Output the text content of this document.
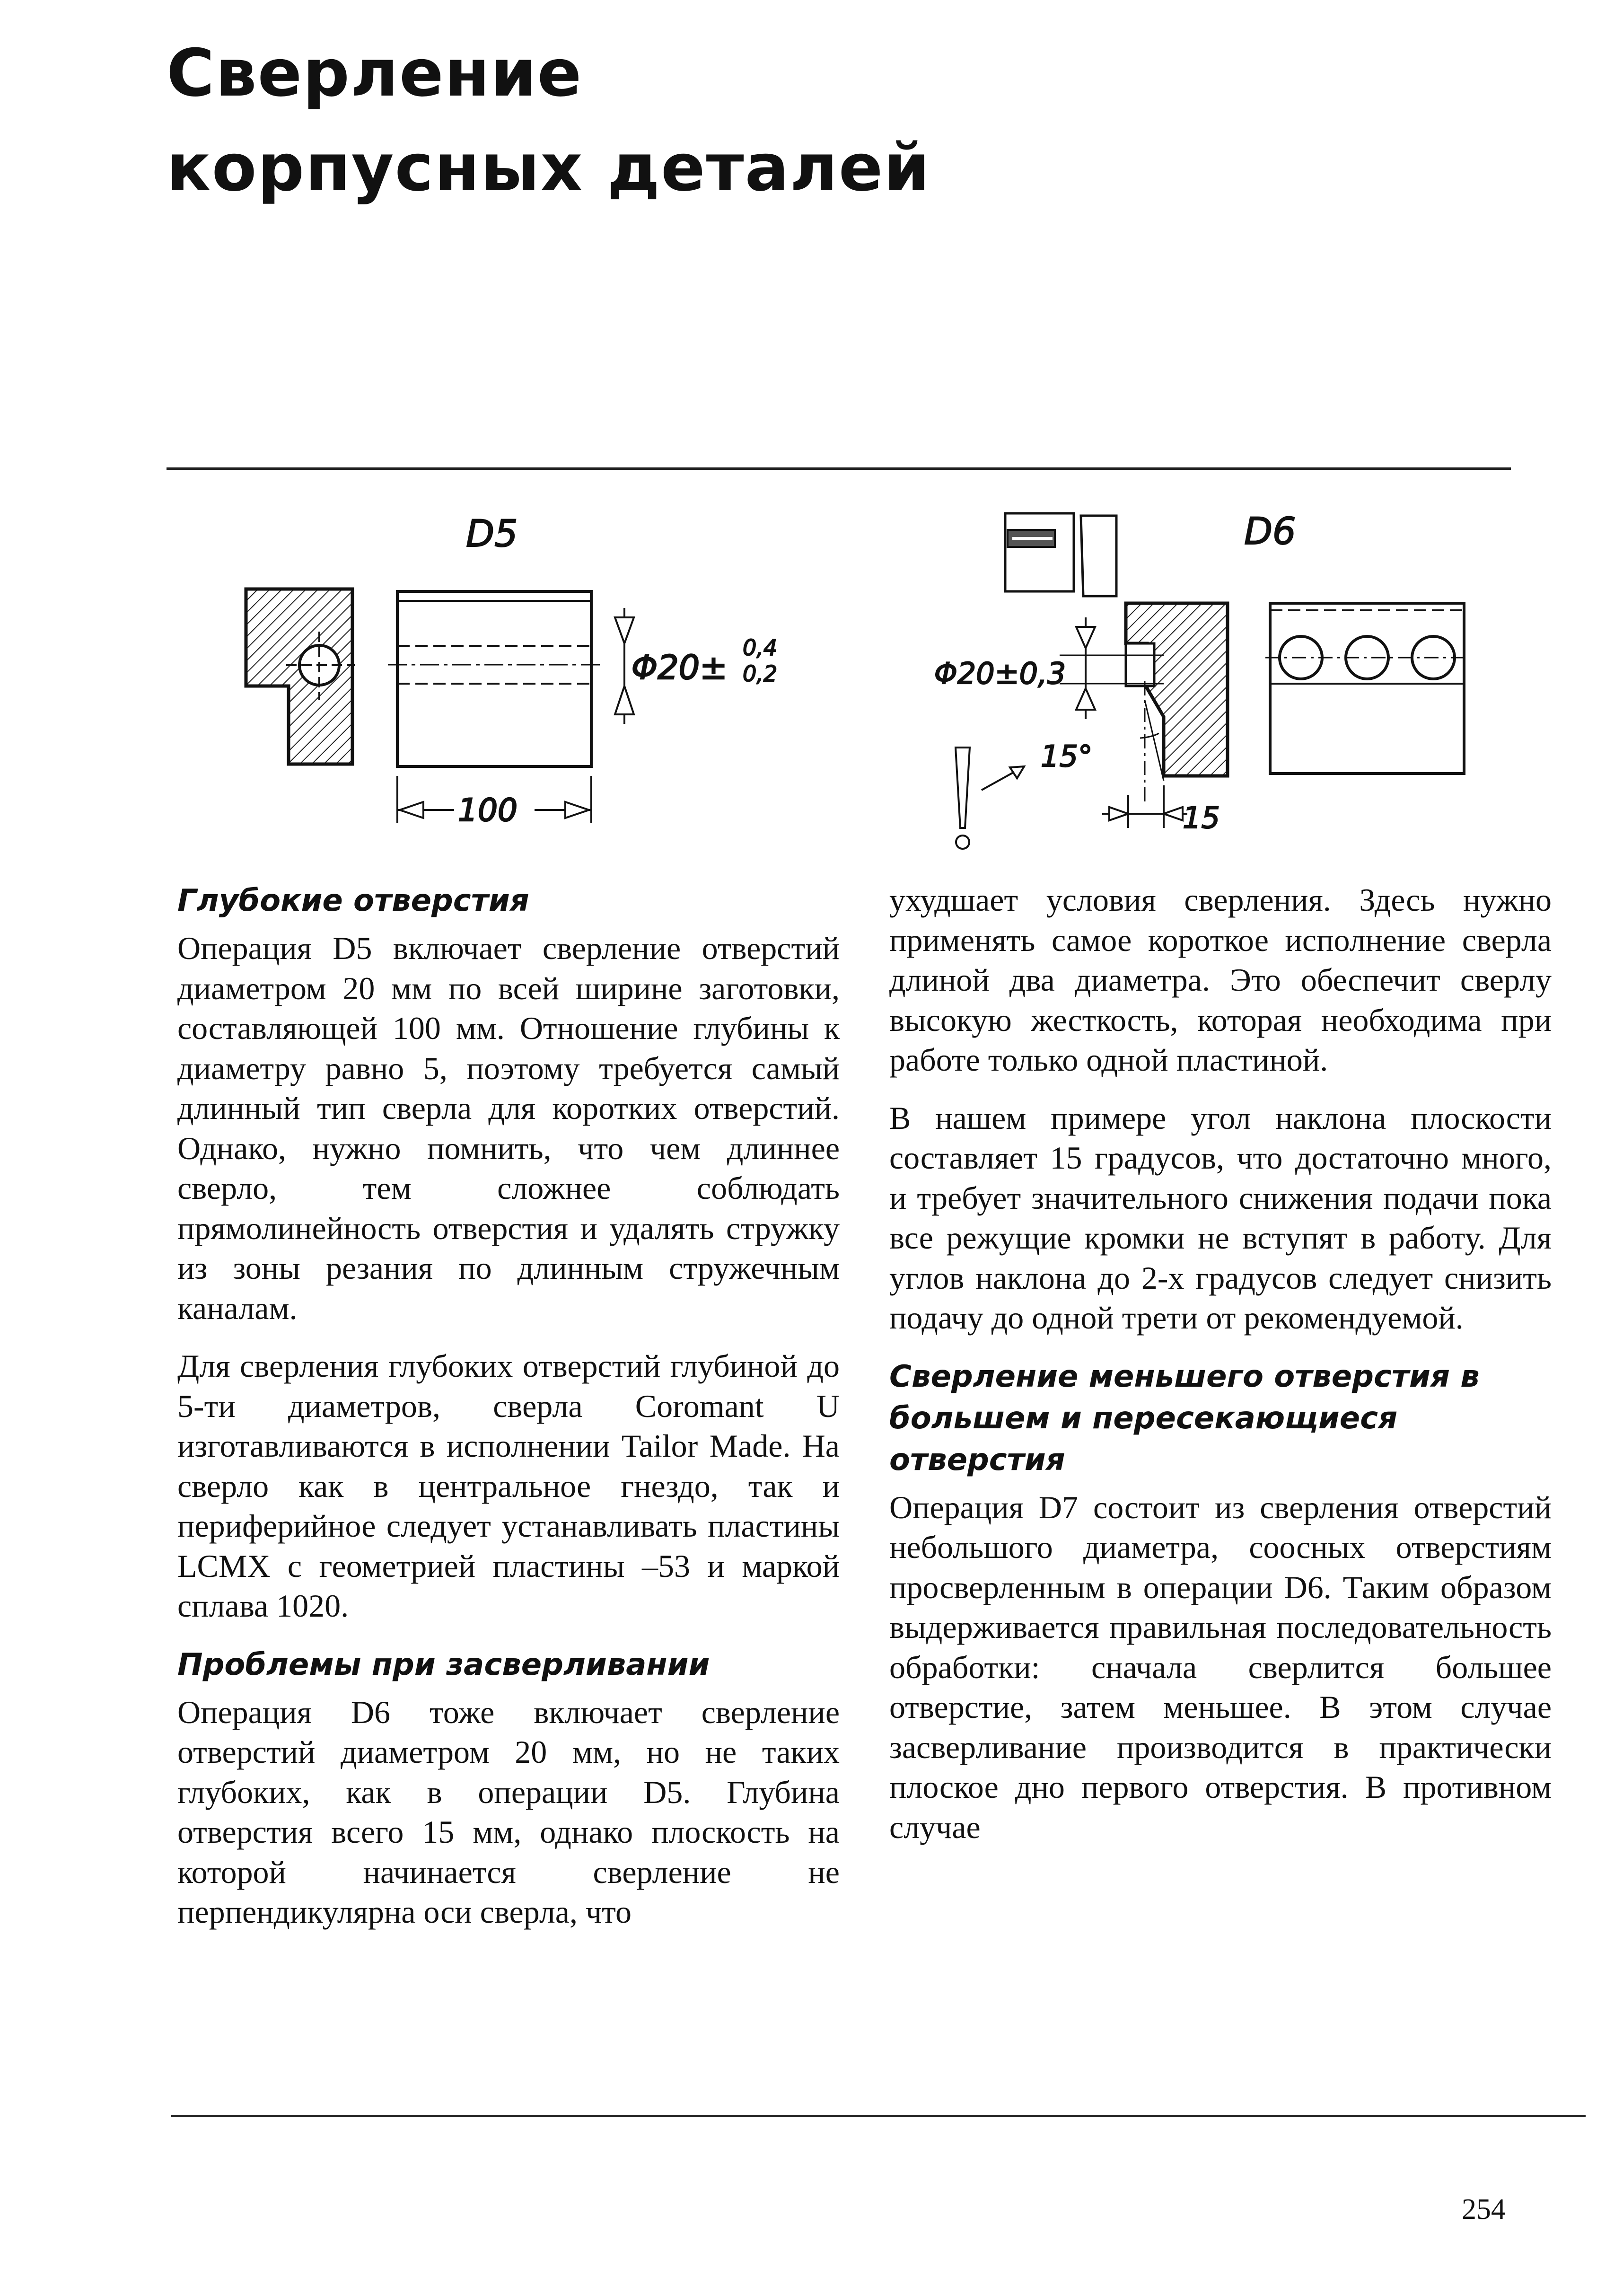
Сверление
корпусных деталей
D5
Φ20±
0,4
0,2
100
D6
Φ20±0,3
15°
15
Глубокие отверстия

Операция D5 включает сверление отверстий диаметром 20 мм по всей ширине заготовки, составляющей 100 мм. Отношение глубины к диаметру равно 5, поэтому требуется самый длинный тип сверла для коротких отверстий. Однако, нужно помнить, что чем длиннее сверло, тем сложнее соблюдать прямолинейность отверстия и удалять стружку из зоны резания по длинным стружечным каналам.

Для сверления глубоких отверстий глубиной до 5-ти диаметров, сверла Coromant U изготавливаются в исполнении Tailor Made. На сверло как в центральное гнездо, так и периферийное следует устанавливать пластины LCMX с геометрией пластины –53 и маркой сплава 1020.

Проблемы при засверливании

Операция D6 тоже включает сверление отверстий диаметром 20 мм, но не таких глубоких, как в операции D5. Глубина отверстия всего 15 мм, однако плоскость на которой начинается сверление не перпендикулярна оси сверла, что

ухудшает условия сверления. Здесь нужно применять самое короткое исполнение сверла длиной два диаметра. Это обеспечит сверлу высокую жесткость, которая необходима при работе только одной пластиной.

В нашем примере угол наклона плоскости составляет 15 градусов, что достаточно много, и требует значительного снижения подачи пока все режущие кромки не вступят в работу. Для углов наклона до 2-х градусов следует снизить подачу до одной трети от рекомендуемой.

Сверление меньшего отверстия в большем и пересекающиеся отверстия

Операция D7 состоит из сверления отверстий небольшого диаметра, соосных отверстиям просверленным в операции D6. Таким образом выдерживается правильная последовательность обработки: сначала сверлится большее отверстие, затем меньшее. В этом случае засверливание производится в практически плоское дно первого отверстия. В противном случае

254
